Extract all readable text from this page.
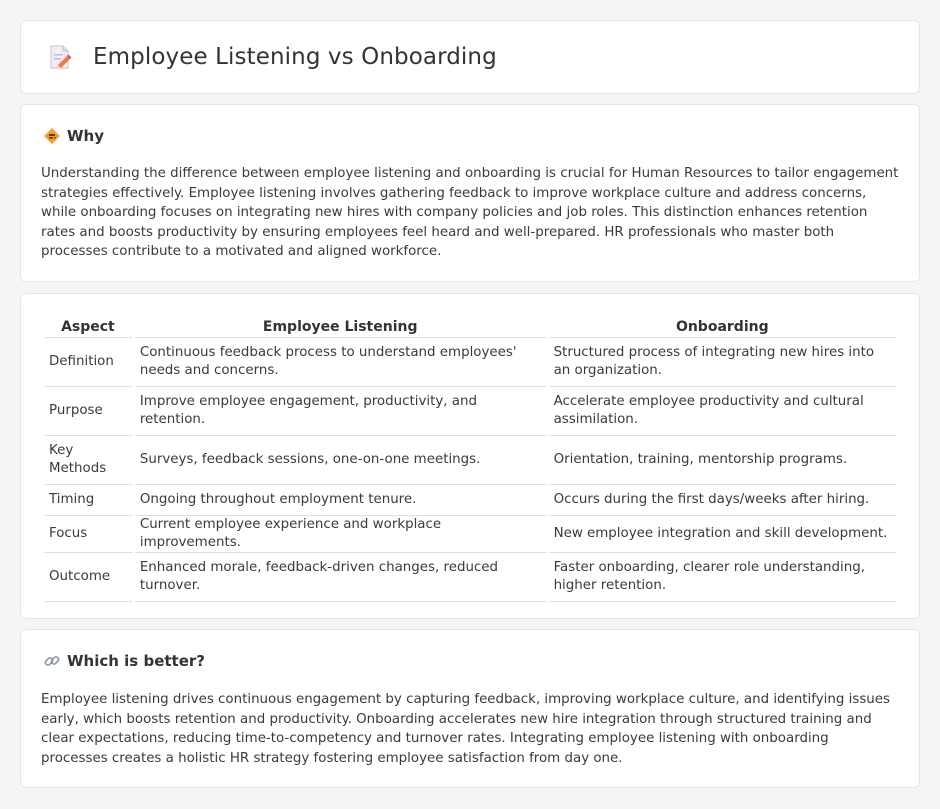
Employee Listening vs Onboarding
Why

Understanding the difference between employee listening and onboarding is crucial for Human Resources to tailor engagement strategies effectively. Employee listening involves gathering feedback to improve workplace culture and address concerns, while onboarding focuses on integrating new hires with company policies and job roles. This distinction enhances retention rates and boosts productivity by ensuring employees feel heard and well-prepared. HR professionals who master both processes contribute to a motivated and aligned workforce.

Aspect	Employee Listening	Onboarding
Definition	Continuous feedback process to understand employees' needs and concerns.	Structured process of integrating new hires into an organization.
Purpose	Improve employee engagement, productivity, and retention.	Accelerate employee productivity and cultural assimilation.
Key Methods	Surveys, feedback sessions, one-on-one meetings.	Orientation, training, mentorship programs.
Timing	Ongoing throughout employment tenure.	Occurs during the first days/weeks after hiring.
Focus	Current employee experience and workplace improvements.	New employee integration and skill development.
Outcome	Enhanced morale, feedback-driven changes, reduced turnover.	Faster onboarding, clearer role understanding, higher retention.
Which is better?

Employee listening drives continuous engagement by capturing feedback, improving workplace culture, and identifying issues early, which boosts retention and productivity. Onboarding accelerates new hire integration through structured training and clear expectations, reducing time-to-competency and turnover rates. Integrating employee listening with onboarding processes creates a holistic HR strategy fostering employee satisfaction from day one.
